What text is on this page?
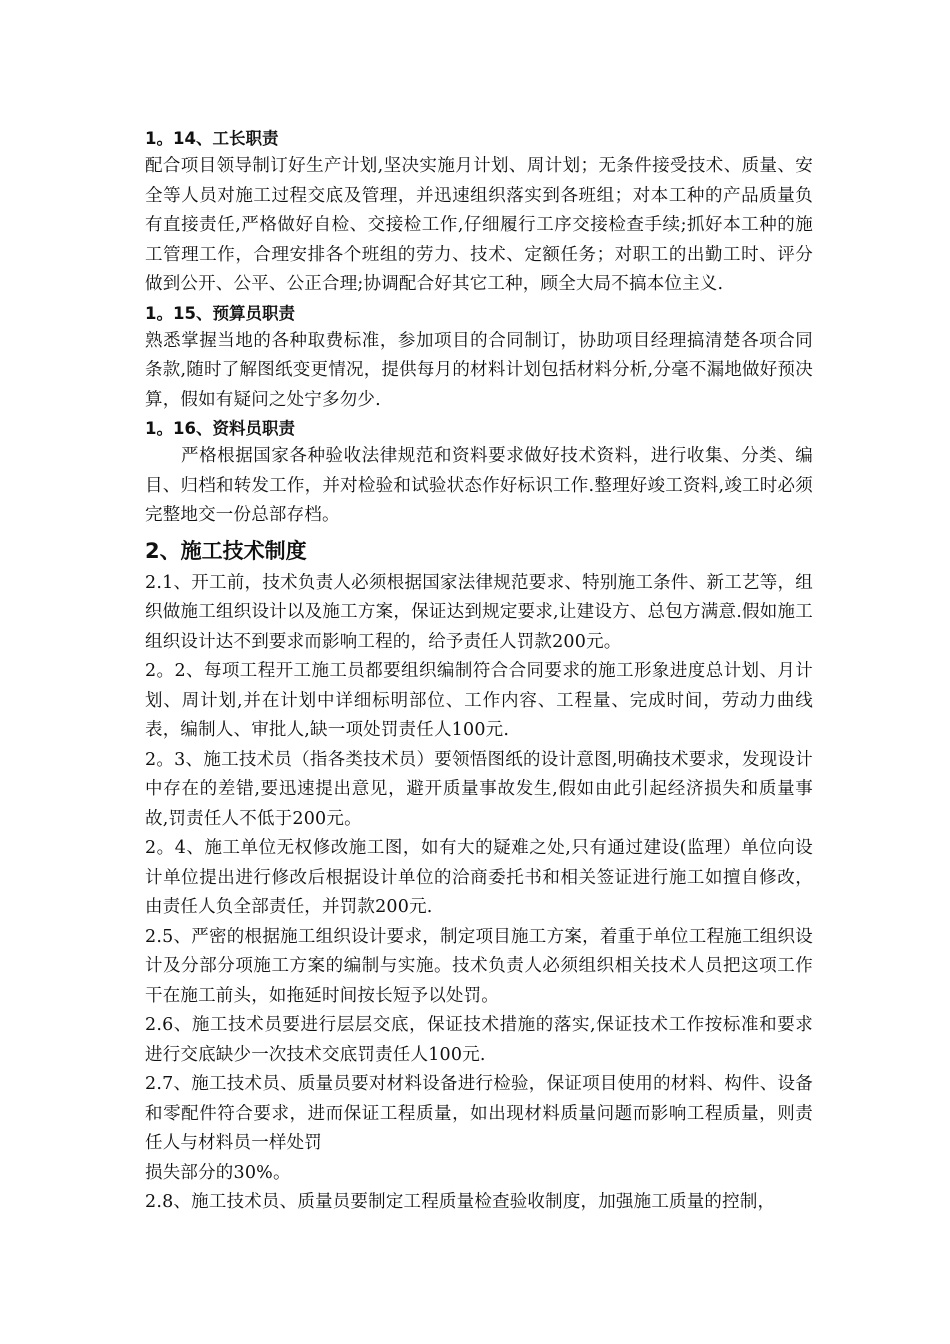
1。14、工长职责

配合项目领导制订好生产计划,坚决实施月计划、周计划；无条件接受技术、质量、安全等人员对施工过程交底及管理，并迅速组织落实到各班组；对本工种的产品质量负有直接责任,严格做好自检、交接检工作,仔细履行工序交接检查手续;抓好本工种的施工管理工作，合理安排各个班组的劳力、技术、定额任务；对职工的出勤工时、评分做到公开、公平、公正合理;协调配合好其它工种，顾全大局不搞本位主义.

1。15、预算员职责

熟悉掌握当地的各种取费标准，参加项目的合同制订，协助项目经理搞清楚各项合同条款,随时了解图纸变更情况，提供每月的材料计划包括材料分析,分毫不漏地做好预决算，假如有疑问之处宁多勿少.

1。16、资料员职责

严格根据国家各种验收法律规范和资料要求做好技术资料，进行收集、分类、编目、归档和转发工作，并对检验和试验状态作好标识工作.整理好竣工资料,竣工时必须完整地交一份总部存档。

2、施工技术制度

2.1、开工前，技术负责人必须根据国家法律规范要求、特别施工条件、新工艺等，组织做施工组织设计以及施工方案，保证达到规定要求,让建设方、总包方满意.假如施工组织设计达不到要求而影响工程的，给予责任人罚款200元。

2。2、每项工程开工施工员都要组织编制符合合同要求的施工形象进度总计划、月计划、周计划,并在计划中详细标明部位、工作内容、工程量、完成时间，劳动力曲线表，编制人、审批人,缺一项处罚责任人100元.

2。3、施工技术员（指各类技术员）要领悟图纸的设计意图,明确技术要求，发现设计中存在的差错,要迅速提出意见，避开质量事故发生,假如由此引起经济损失和质量事故,罚责任人不低于200元。

2。4、施工单位无权修改施工图，如有大的疑难之处,只有通过建设(监理）单位向设计单位提出进行修改后根据设计单位的洽商委托书和相关签证进行施工如擅自修改，由责任人负全部责任，并罚款200元.

2.5、严密的根据施工组织设计要求，制定项目施工方案，着重于单位工程施工组织设计及分部分项施工方案的编制与实施。技术负责人必须组织相关技术人员把这项工作干在施工前头，如拖延时间按长短予以处罚。

2.6、施工技术员要进行层层交底，保证技术措施的落实,保证技术工作按标准和要求进行交底缺少一次技术交底罚责任人100元.

2.7、施工技术员、质量员要对材料设备进行检验，保证项目使用的材料、构件、设备和零配件符合要求，进而保证工程质量，如出现材料质量问题而影响工程质量，则责任人与材料员一样处罚

损失部分的30%。

2.8、施工技术员、质量员要制定工程质量检查验收制度，加强施工质量的控制，
